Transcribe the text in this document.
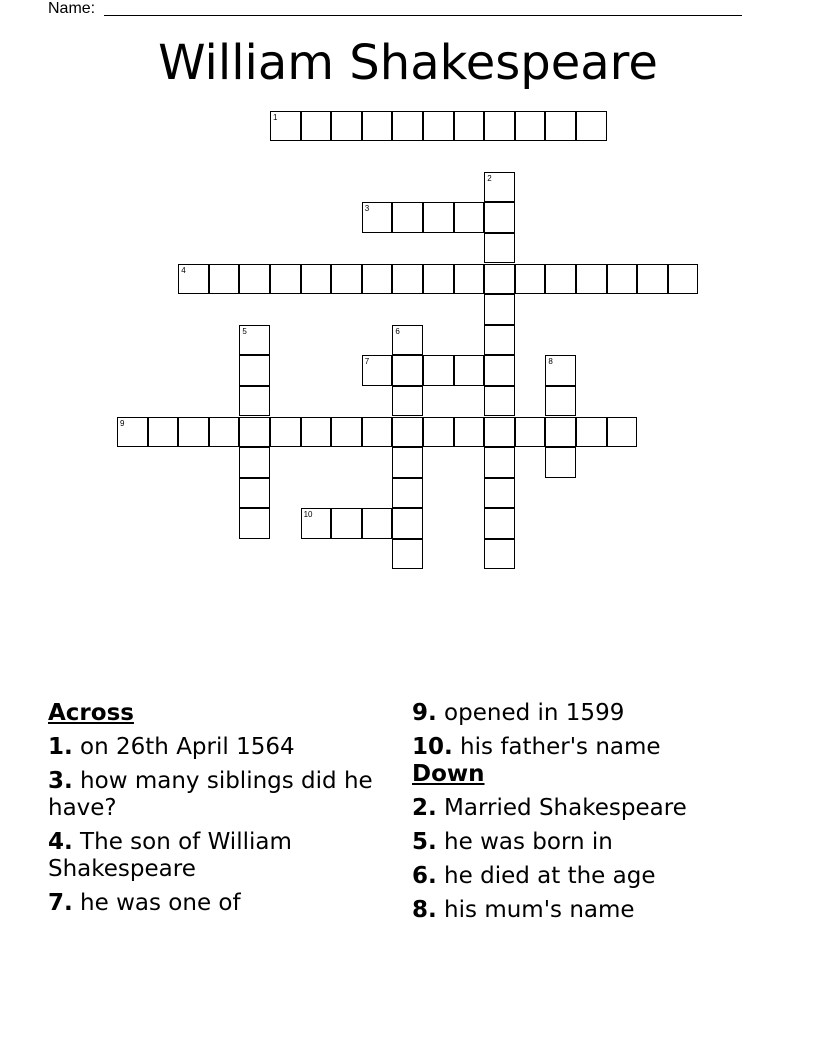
Name:
William Shakespeare
1
2
3
4
5	6
7	8
9
10
Across
1. on 26th April 1564
3. how many siblings did he have?
4. The son of William Shakespeare
7. he was one of
9. opened in 1599
10. his father's name
Down
2. Married Shakespeare
5. he was born in
6. he died at the age
8. his mum's name
